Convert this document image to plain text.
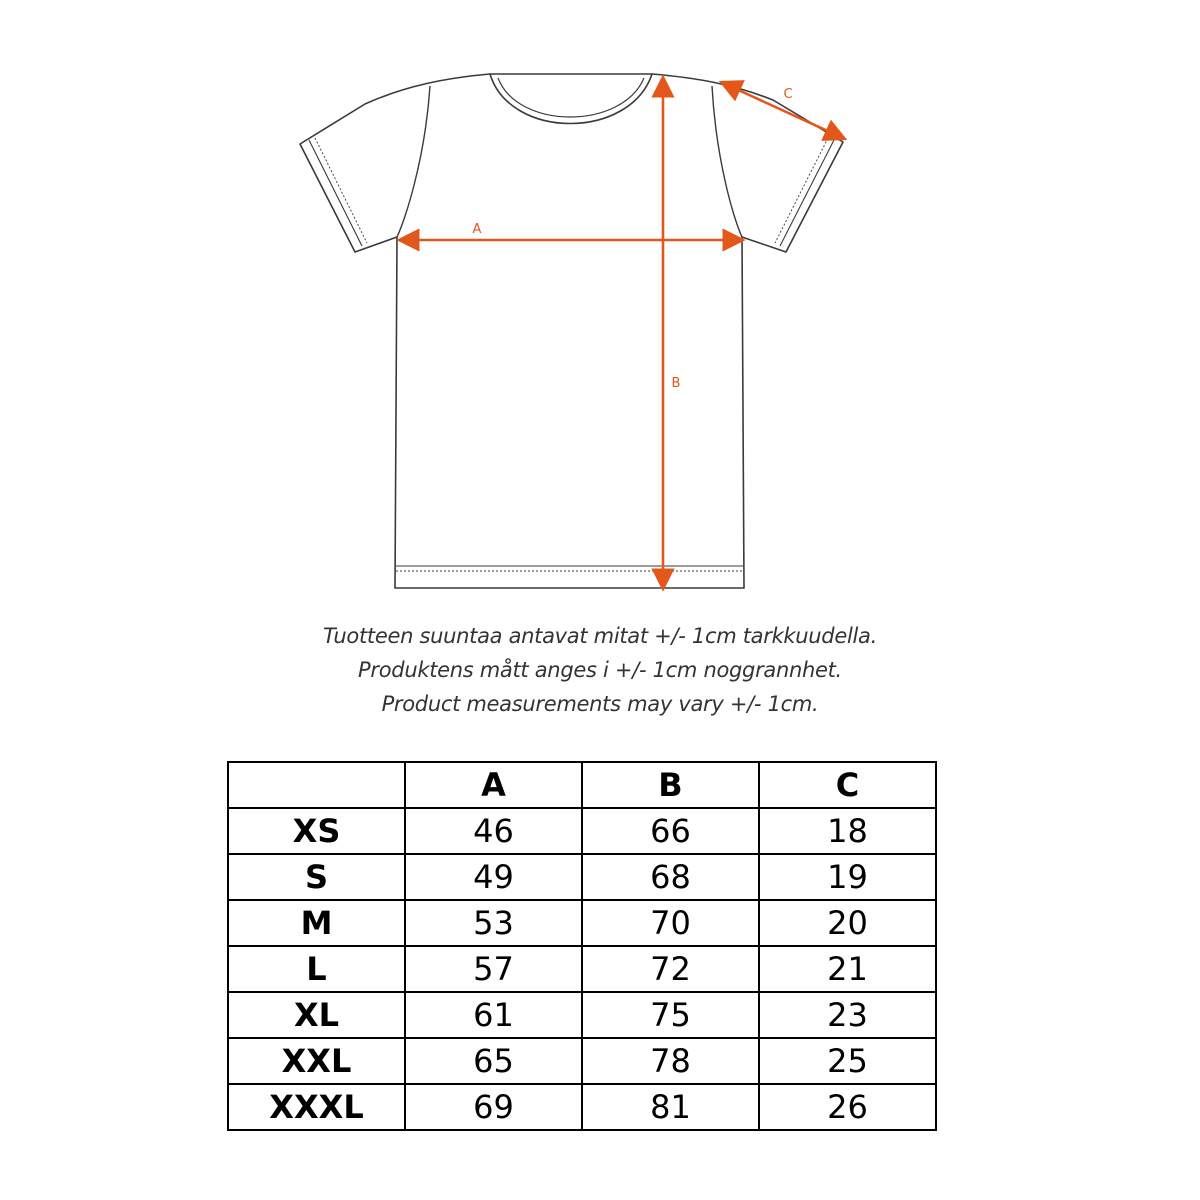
A
B
C
Tuotteen suuntaa antavat mitat +/- 1cm tarkkuudella.
Produktens mått anges i +/- 1cm noggrannhet.
Product measurements may vary +/- 1cm.
	A	B	C
XS	46	66	18
S	49	68	19
M	53	70	20
L	57	72	21
XL	61	75	23
XXL	65	78	25
XXXL	69	81	26
